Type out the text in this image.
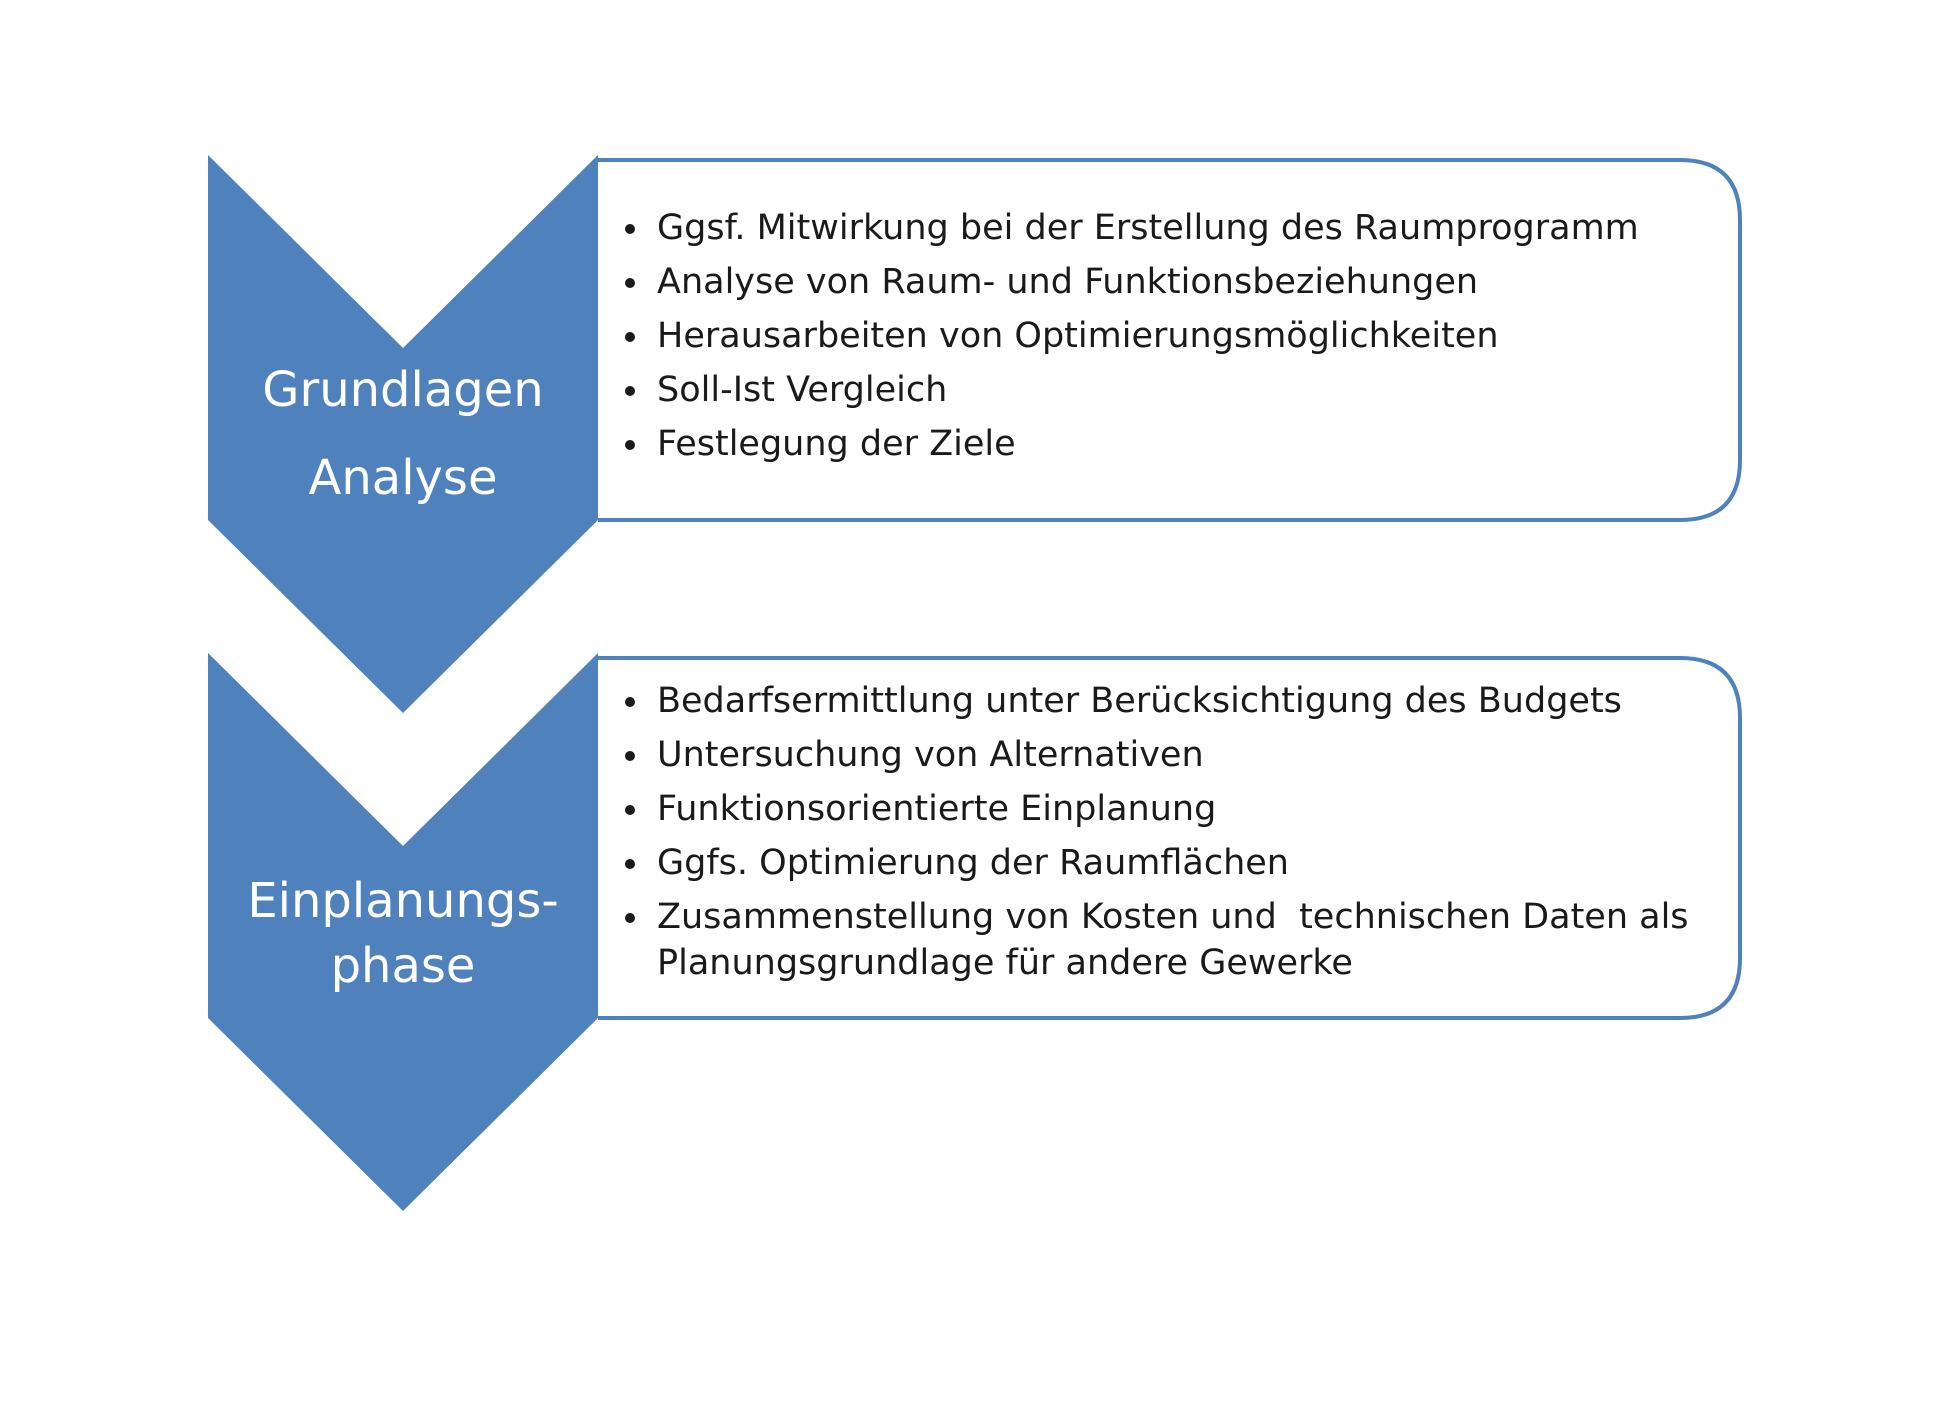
Grundlagen
Analyse
Einplanungs-
phase
Ggsf. Mitwirkung bei der Erstellung des Raumprogramm
Analyse von Raum- und Funktionsbeziehungen
Herausarbeiten von Optimierungsmöglichkeiten
Soll-Ist Vergleich
Festlegung der Ziele
Bedarfsermittlung unter Berücksichtigung des Budgets
Untersuchung von Alternativen
Funktionsorientierte Einplanung
Ggfs. Optimierung der Raumflächen
Zusammenstellung von Kosten und  technischen Daten als Planungsgrundlage für andere Gewerke
